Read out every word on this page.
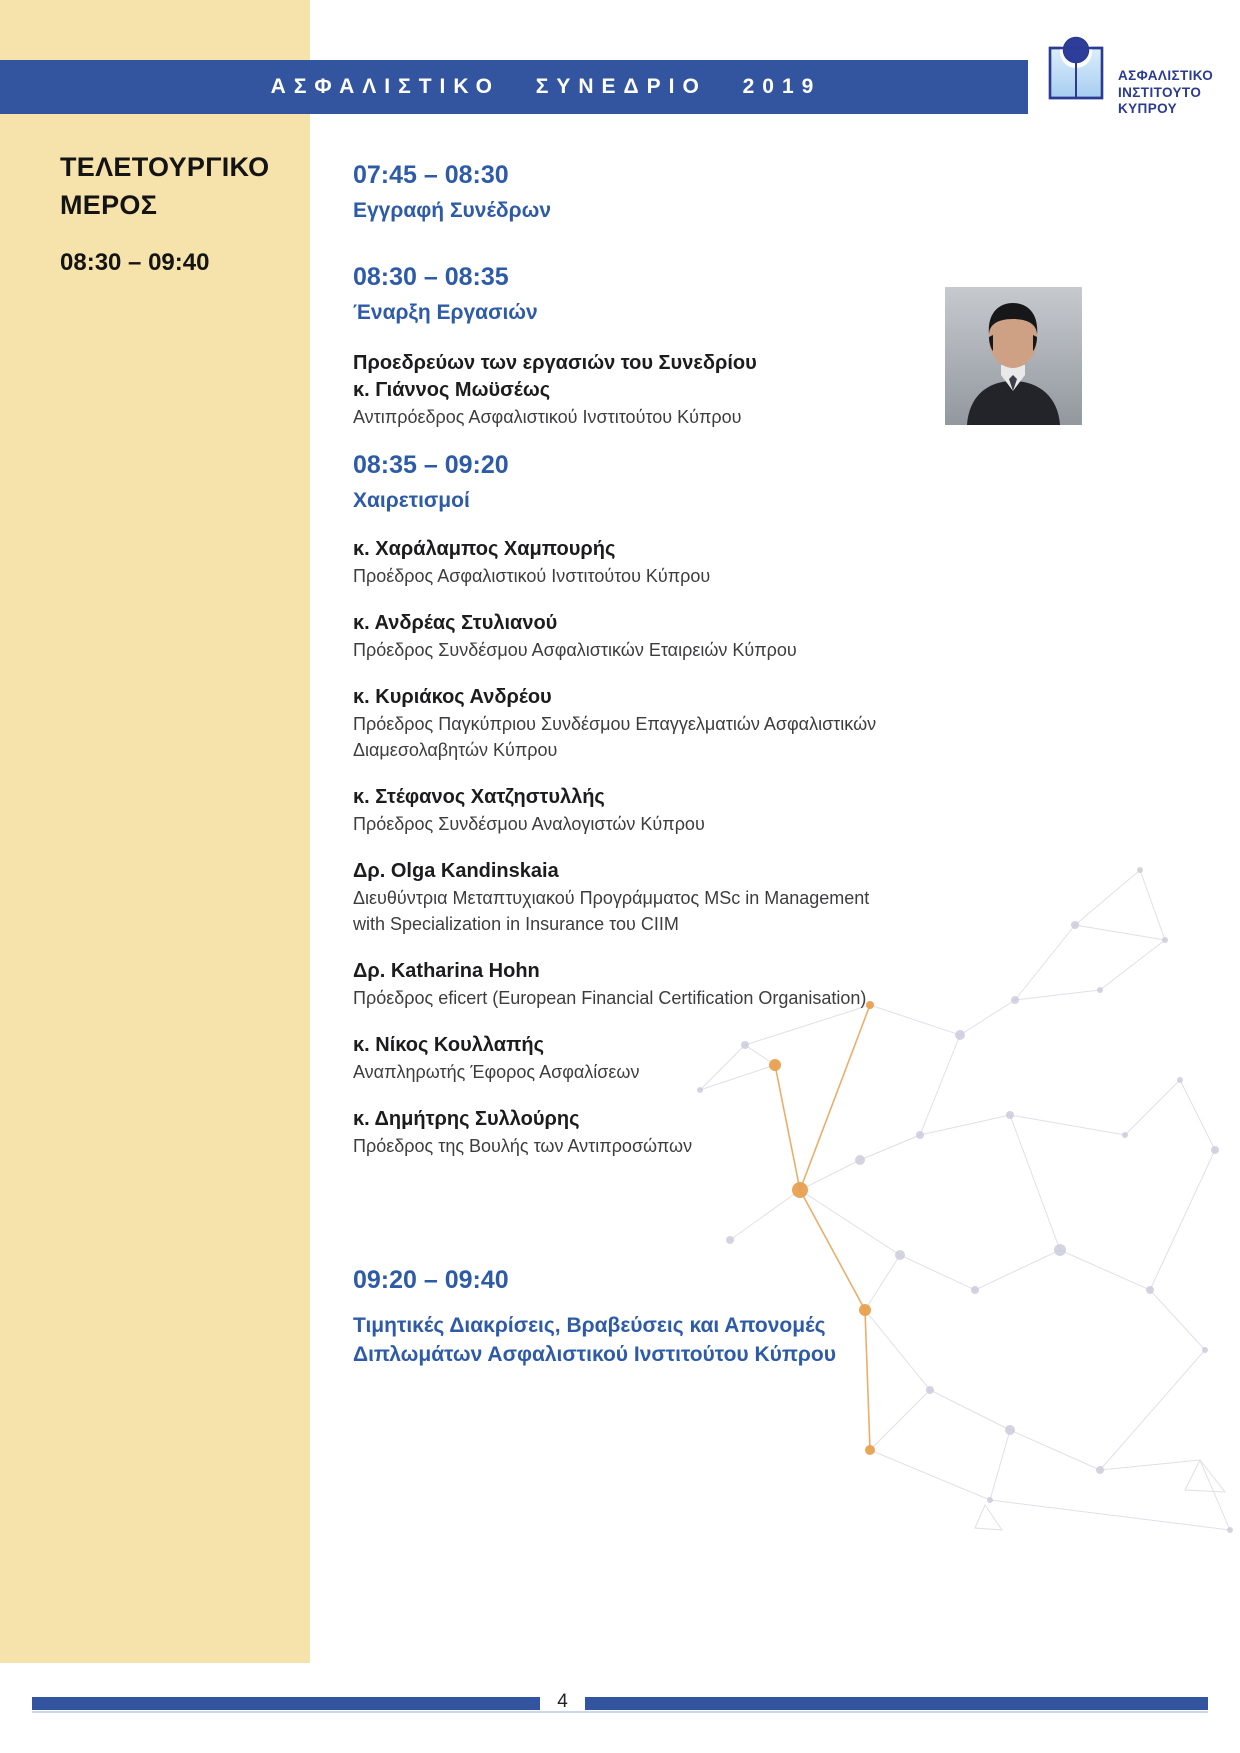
ΑΣΦΑΛΙΣΤΙΚΟ ΣΥΝΕΔΡΙΟ 2019	ΑΣΦΑΛΙΣΤΙΚΟ
ΙΝΣΤΙΤΟΥΤΟ
ΚΥΠΡΟΥ
ΤΕΛΕΤΟΥΡΓΙΚΟ ΜΕΡΟΣ
08:30 – 09:40
07:45 – 08:30
Εγγραφή Συνέδρων
08:30 – 08:35
Έναρξη Εργασιών
Προεδρεύων των εργασιών του Συνεδρίου
κ. Γιάννος Μωϋσέως
Αντιπρόεδρος Ασφαλιστικού Ινστιτούτου Κύπρου
08:35 – 09:20
Χαιρετισμοί
κ. Χαράλαμπος Χαμπουρής
Προέδρος Ασφαλιστικού Ινστιτούτου Κύπρου
κ. Ανδρέας Στυλιανού
Πρόεδρος Συνδέσμου Ασφαλιστικών Εταιρειών Κύπρου
κ. Κυριάκος Ανδρέου
Πρόεδρος Παγκύπριου Συνδέσμου Επαγγελματιών Ασφαλιστικών Διαμεσολαβητών Κύπρου
κ. Στέφανος Χατζηστυλλής
Πρόεδρος Συνδέσμου Αναλογιστών Κύπρου
Δρ. Olga Kandinskaia
Διευθύντρια Μεταπτυχιακού Προγράμματος MSc in Management with Specialization in Insurance του CIIM
Δρ. Katharina Hohn
Πρόεδρος eficert (European Financial Certification Organisation)
κ. Νίκος Κουλλαπής
Αναπληρωτής Έφορος Ασφαλίσεων
κ. Δημήτρης Συλλούρης
Πρόεδρος της Βουλής των Αντιπροσώπων
09:20 – 09:40
Τιμητικές Διακρίσεις, Βραβεύσεις και Απονομές Διπλωμάτων Ασφαλιστικού Ινστιτούτου Κύπρου
4
